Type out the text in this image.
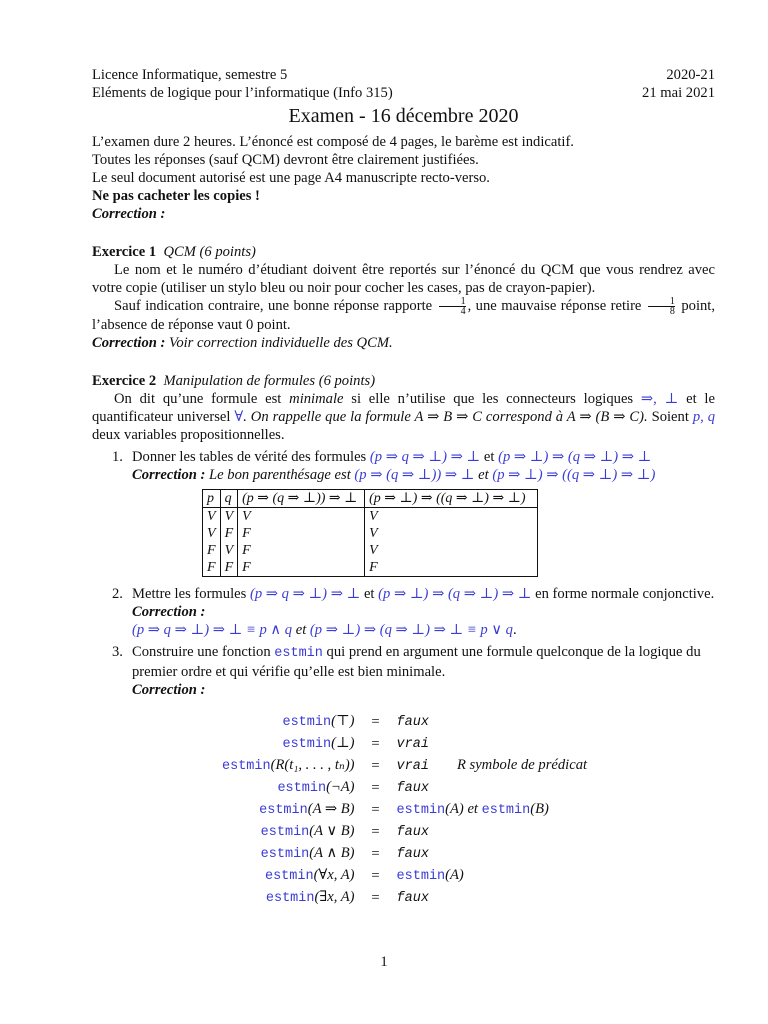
Licence Informatique, semestre 5	2020-21
Eléments de logique pour l’informatique (Info 315)	21 mai 2021
Examen - 16 décembre 2020
L’examen dure 2 heures. L’énoncé est composé de 4 pages, le barème est indicatif.
Toutes les réponses (sauf QCM) devront être clairement justifiées.
Le seul document autorisé est une page A4 manuscripte recto-verso.
Ne pas cacheter les copies !
Correction :
Exercice 1 QCM (6 points)
Le nom et le numéro d’étudiant doivent être reportés sur l’énoncé du QCM que vous rendrez avec votre copie (utiliser un stylo bleu ou noir pour cocher les cases, pas de crayon-papier).
Sauf indication contraire, une bonne réponse rapporte $\frac{1}{4}$ , une mauvaise réponse retire $\frac{1}{8}$ point, l’absence de réponse vaut 0 point.
Correction : Voir correction individuelle des QCM.
Exercice 2 Manipulation de formules (6 points)
On dit qu’une formule est minimale si elle n’utilise que les connecteurs logiques ⇒, ⊥ et le quantificateur universel ∀. On rappelle que la formule A ⇒ B ⇒ C correspond à A ⇒ (B ⇒ C). Soient p, q deux variables propositionnelles.
1. Donner les tables de vérité des formules (p ⇒ q ⇒ ⊥) ⇒ ⊥ et (p ⇒ ⊥) ⇒ (q ⇒ ⊥) ⇒ ⊥
Correction : Le bon parenthésage est (p ⇒ (q ⇒ ⊥)) ⇒ ⊥ et (p ⇒ ⊥) ⇒ ((q ⇒ ⊥) ⇒ ⊥)
p	q	(p ⇒ (q ⇒ ⊥)) ⇒ ⊥	(p ⇒ ⊥) ⇒ ((q ⇒ ⊥) ⇒ ⊥)
V	V	V	V
V	F	F	V
F	V	F	V
F	F	F	F
2. Mettre les formules (p ⇒ q ⇒ ⊥) ⇒ ⊥ et (p ⇒ ⊥) ⇒ (q ⇒ ⊥) ⇒ ⊥ en forme normale conjonctive.
Correction :
(p ⇒ q ⇒ ⊥) ⇒ ⊥ ≡ p ∧ q et (p ⇒ ⊥) ⇒ (q ⇒ ⊥) ⇒ ⊥ ≡ p ∨ q.
3. Construire une fonction estmin qui prend en argument une formule quelconque de la logique du premier ordre et qui vérifie qu’elle est bien minimale.
Correction :
estmin(⊤)	=	faux
estmin(⊥)	=	vrai
estmin(R(t₁, . . . , tₙ))	=	vrai R symbole de prédicat
estmin(¬A)	=	faux
estmin(A ⇒ B)	=	estmin(A) et estmin(B)
estmin(A ∨ B)	=	faux
estmin(A ∧ B)	=	faux
estmin(∀x, A)	=	estmin(A)
estmin(∃x, A)	=	faux
1
